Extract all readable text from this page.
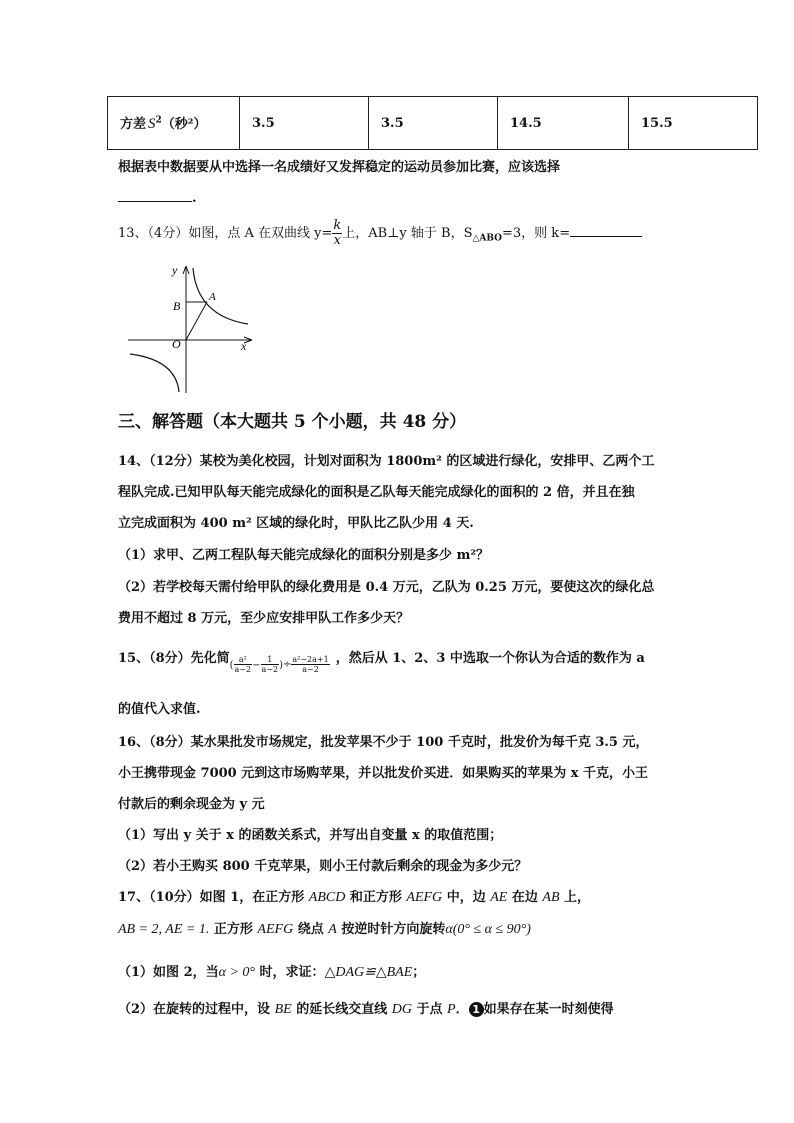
方差 $S^2$（秒²）	3.5	3.5	14.5	15.5
根据表中数据要从中选择一名成绩好又发挥稳定的运动员参加比赛，应该选择
.
13、（4分）如图，点 A 在双曲线 $y= \frac{k}{x}$ 上，AB⊥y 轴于 B，$S_{\triangle ABO}=3$，则 k=
y
x
A
B
O
三、解答题（本大题共 5 个小题，共 48 分）
14、（12分）某校为美化校园，计划对面积为 1800m² 的区域进行绿化，安排甲、乙两个工
程队完成.已知甲队每天能完成绿化的面积是乙队每天能完成绿化的面积的 2 倍，并且在独
立完成面积为 400 m² 区域的绿化时，甲队比乙队少用 4 天.
（1）求甲、乙两工程队每天能完成绿化的面积分别是多少 m²？
（2）若学校每天需付给甲队的绿化费用是 0.4 万元，乙队为 0.25 万元，要使这次的绿化总
费用不超过 8 万元，至少应安排甲队工作多少天？
15、（8分）先化简( $\frac{\text{a²}}{a-2} - \frac{1}{a-2} )^\div \frac{\text{a²−2a+1}}{a-2}$ ，然后从 1、2、3 中选取一个你认为合适的数作为 a
的值代入求值.
16、（8分）某水果批发市场规定，批发苹果不少于 100 千克时，批发价为每千克 3.5 元，
小王携带现金 7000 元到这市场购苹果，并以批发价买进．如果购买的苹果为 x 千克，小王
付款后的剩余现金为 y 元
（1）写出 y 关于 x 的函数关系式，并写出自变量 x 的取值范围；
（2）若小王购买 800 千克苹果，则小王付款后剩余的现金为多少元？
17、（10分）如图 1，在正方形 ABCD 和正方形 AEFG 中，边 AE 在边 AB 上，
AB = 2, AE = 1. 正方形 AEFG 绕点 A 按逆时针方向旋转α(0° ≤ α ≤ 90°)
（1）如图 2，当α > 0° 时，求证：△DAG≌△BAE；
（2）在旋转的过程中，设 BE 的延长线交直线 DG 于点 P． 1 如果存在某一时刻使得
